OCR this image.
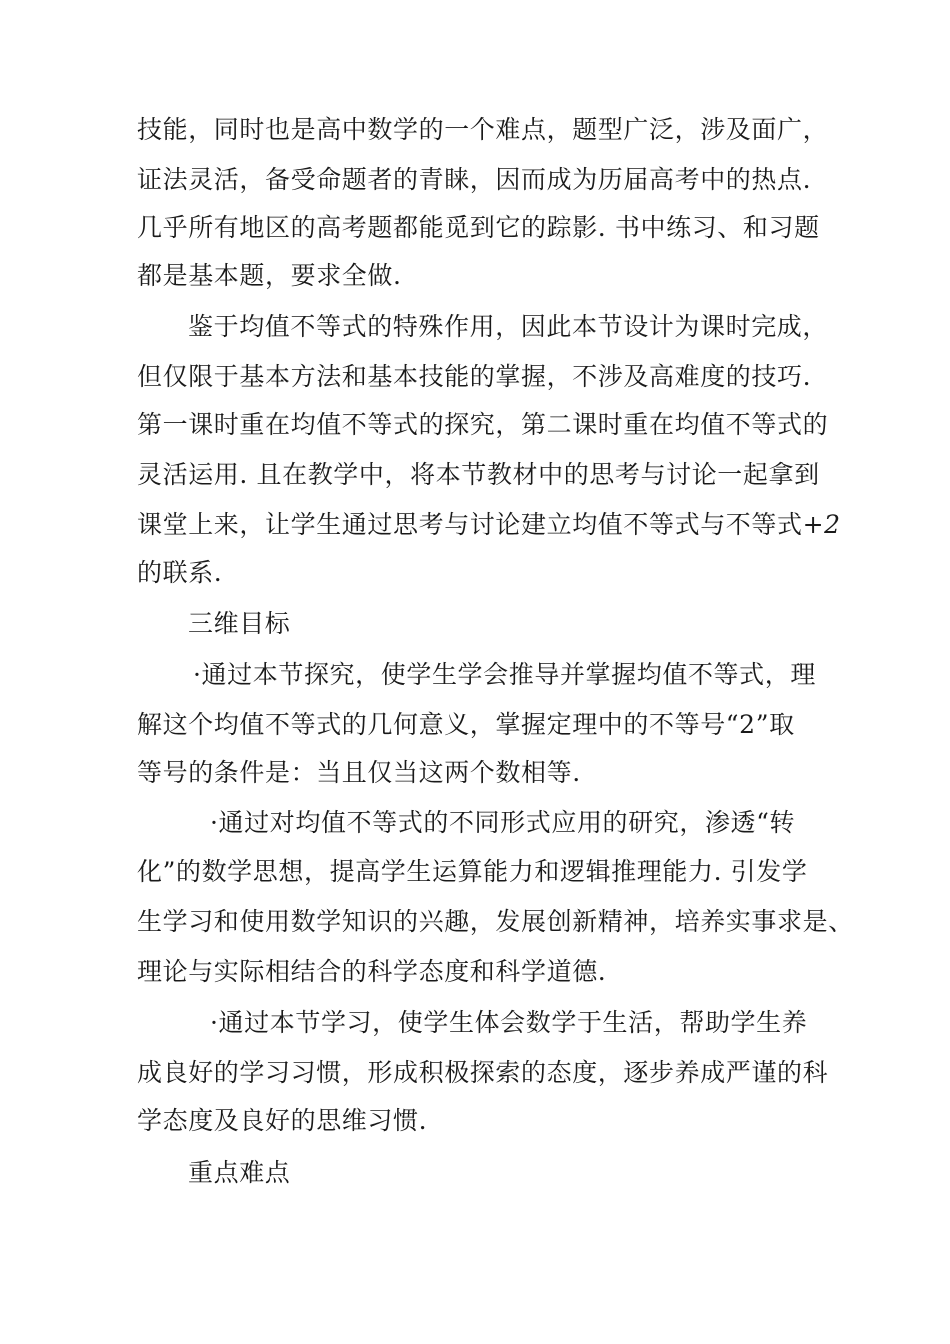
技能，同时也是高中数学的一个难点，题型广泛，涉及面广，
证法灵活，备受命题者的青睐，因而成为历届高考中的热点.
几乎所有地区的高考题都能觅到它的踪影. 书中练习、和习题
都是基本题，要求全做.
鉴于均值不等式的特殊作用，因此本节设计为课时完成，
但仅限于基本方法和基本技能的掌握，不涉及高难度的技巧.
第一课时重在均值不等式的探究，第二课时重在均值不等式的
灵活运用. 且在教学中，将本节教材中的思考与讨论一起拿到
课堂上来，让学生通过思考与讨论建立均值不等式与不等式+2
的联系.
三维目标
·通过本节探究，使学生学会推导并掌握均值不等式，理
解这个均值不等式的几何意义，掌握定理中的不等号“2”取
等号的条件是：当且仅当这两个数相等.
·通过对均值不等式的不同形式应用的研究，渗透“转
化”的数学思想，提高学生运算能力和逻辑推理能力. 引发学
生学习和使用数学知识的兴趣，发展创新精神，培养实事求是、
理论与实际相结合的科学态度和科学道德.
·通过本节学习，使学生体会数学于生活，帮助学生养
成良好的学习习惯，形成积极探索的态度，逐步养成严谨的科
学态度及良好的思维习惯.
重点难点
